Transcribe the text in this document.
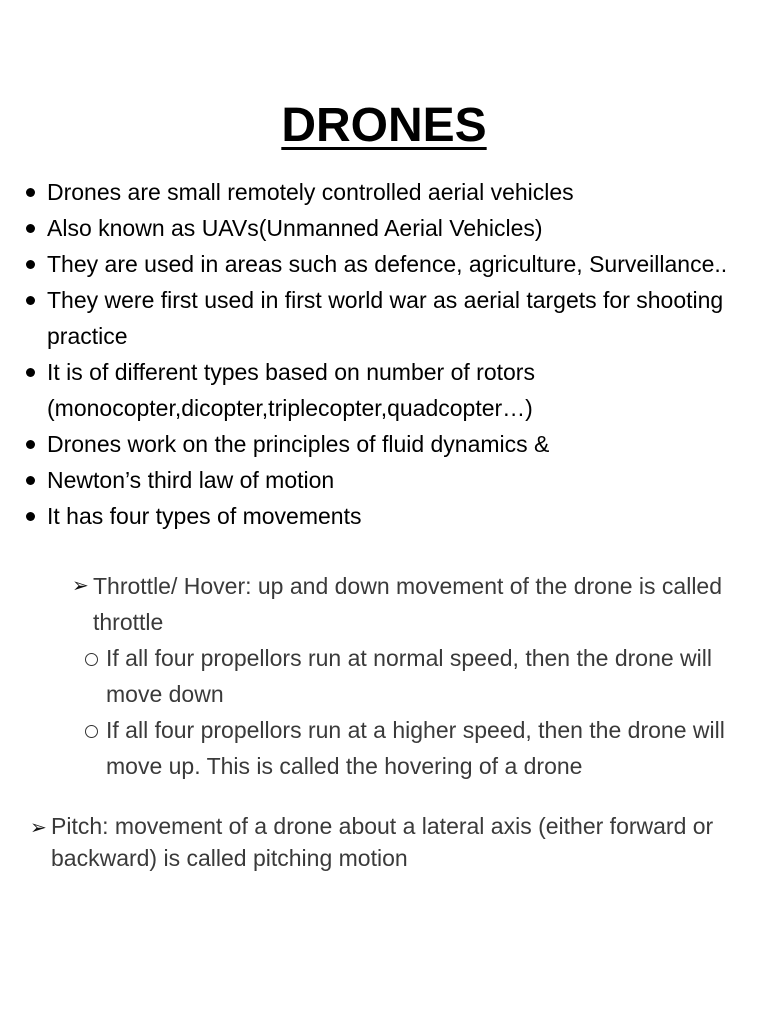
DRONES
Drones are small remotely controlled aerial vehicles
Also known as UAVs(Unmanned Aerial Vehicles)
They are used in areas such as defence, agriculture, Surveillance..
They were first used in first world war as aerial targets for shooting practice
It is of different types based on number of rotors (monocopter,dicopter,triplecopter,quadcopter…)
Drones work on the principles of fluid dynamics &
Newton’s third law of motion
It has four types of movements
➢ Throttle/ Hover: up and down movement of the drone is called throttle
If all four propellors run at normal speed, then the drone will move down
If all four propellors run at a higher speed, then the drone will move up. This is called the hovering of a drone
➢ Pitch: movement of a drone about a lateral axis (either forward or backward) is called pitching motion
